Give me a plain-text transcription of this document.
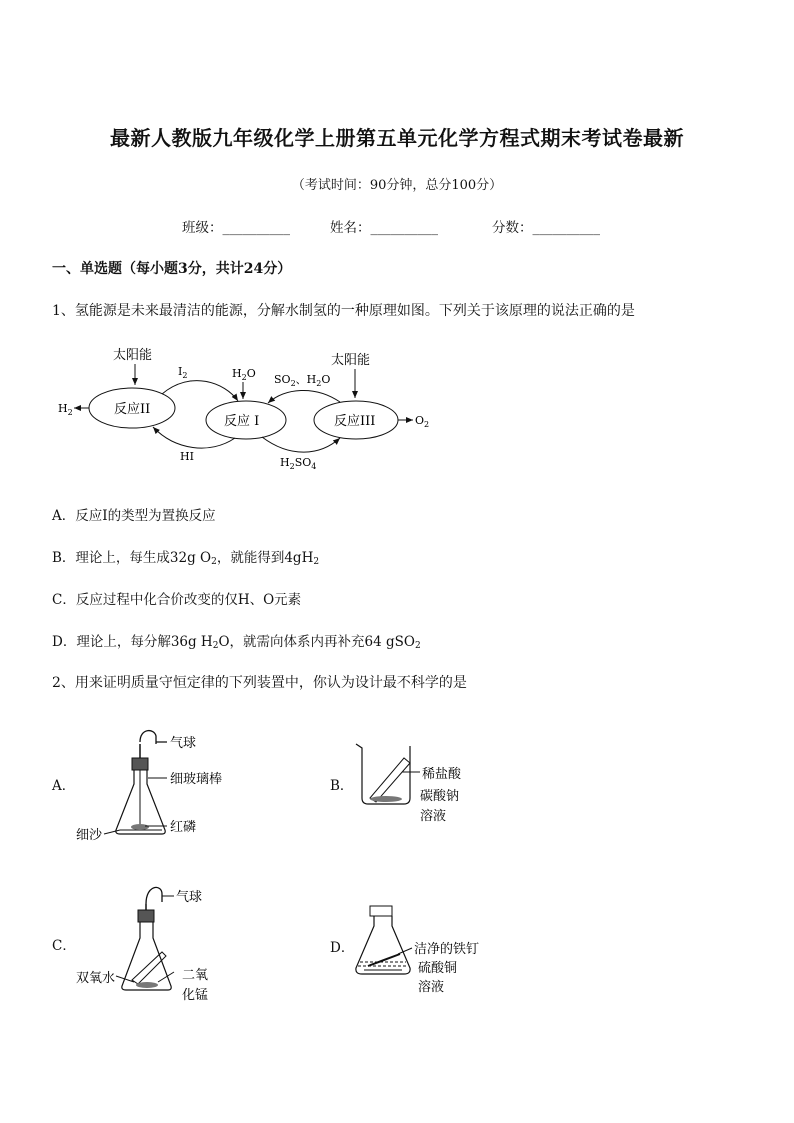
最新人教版九年级化学上册第五单元化学方程式期末考试卷最新
（考试时间：90分钟，总分100分）
班级：__________	姓名：__________	分数：__________
一、单选题（每小题3分，共计24分）
1、氢能源是未来最清洁的能源，分解水制氢的一种原理如图。下列关于该原理的说法正确的是
反应II
反应 I	反应III
太阳能	太阳能
$H_2O$
$H_2$
$O_2$
$I_2$
HI
$SO_2$、$H_2O$
$H_2SO_4$
A．反应Ⅰ的类型为置换反应
B．理论上，每生成32g $O_2$，就能得到$4gH_2$
C．反应过程中化合价改变的仅H、O元素
D．理论上，每分解36g $H_2O$，就需向体系内再补充64 gSO$_2$
2、用来证明质量守恒定律的下列装置中，你认为设计最不科学的是
A．
气球
细玻璃棒
红磷
细沙
B．
稀盐酸
碳酸钠
溶液
C．
气球
双氧水	二氧
化锰
D．	洁净的铁钉
硫酸铜
溶液
